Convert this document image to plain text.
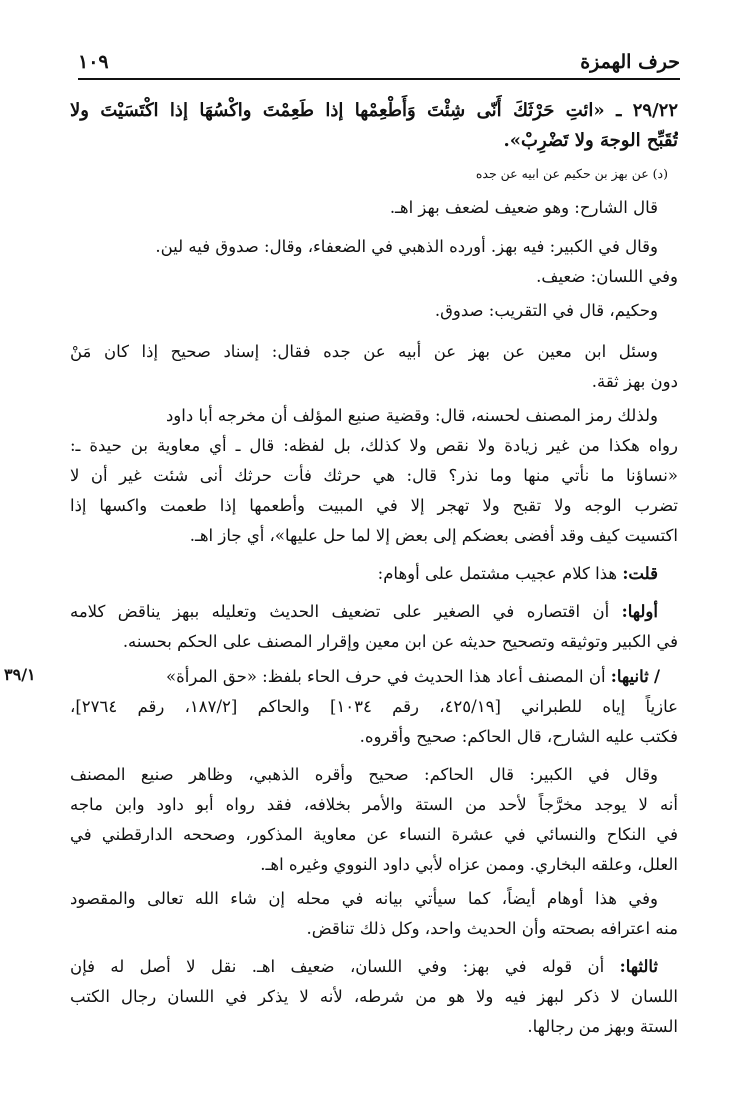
حرف الهمزة
١٠٩
٢٩/٢٢ ـ «ائتِ حَرْثَكَ أَنّى شِئْتَ وَأَطْعِمْها إذا طَعِمْتَ واكْسُهَا إذا اكْتَسَيْتَ ولا
تُقَبِّح الوجهَ ولا تَضْرِبْ».
(د) عن بهز بن حكيم عن ابيه عن جده
قال الشارح: وهو ضعيف لضعف بهز اهـ.
وقال في الكبير: فيه بهز. أورده الذهبي في الضعفاء، وقال: صدوق فيه لين.
وفي اللسان: ضعيف.
وحكيم، قال في التقريب: صدوق.
وسئل ابن معين عن بهز عن أبيه عن جده فقال: إسناد صحيح إذا كان مَنْ
دون بهز ثقة.
ولذلك رمز المصنف لحسنه، قال: وقضية صنيع المؤلف أن مخرجه أبا داود
رواه هكذا من غير زيادة ولا نقص ولا كذلك، بل لفظه: قال ـ أي معاوية بن حيدة ـ:
«نساؤنا ما نأتي منها وما نذر؟ قال: هي حرثك فأت حرثك أنى شئت غير أن لا
تضرب الوجه ولا تقبح ولا تهجر إلا في المبيت وأطعمها إذا طعمت واكسها إذا
اكتسيت كيف وقد أفضى بعضكم إلى بعض إلا لما حل عليها»، أي جاز اهـ.
قلت: هذا كلام عجيب مشتمل على أوهام:
أولها: أن اقتصاره في الصغير على تضعيف الحديث وتعليله ببهز يناقض كلامه
في الكبير وتوثيقه وتصحيح حديثه عن ابن معين وإقرار المصنف على الحكم بحسنه.
/ ثانيها: أن المصنف أعاد هذا الحديث في حرف الحاء بلفظ: «حق المرأة»
٣٩/١
عازياً إياه للطبراني [٤٢٥/١٩، رقم ١٠٣٤] والحاكم [١٨٧/٢، رقم ٢٧٦٤]،
فكتب عليه الشارح، قال الحاكم: صحيح وأقروه.
وقال في الكبير: قال الحاكم: صحيح وأقره الذهبي، وظاهر صنيع المصنف
أنه لا يوجد مخرَّجاً لأحد من الستة والأمر بخلافه، فقد رواه أبو داود وابن ماجه
في النكاح والنسائي في عشرة النساء عن معاوية المذكور، وصححه الدارقطني في
العلل، وعلقه البخاري. وممن عزاه لأبي داود النووي وغيره اهـ.
وفي هذا أوهام أيضاً، كما سيأتي بيانه في محله إن شاء الله تعالى والمقصود
منه اعترافه بصحته وأن الحديث واحد، وكل ذلك تناقض.
ثالثها: أن قوله في بهز: وفي اللسان، ضعيف اهـ. نقل لا أصل له فإن
اللسان لا ذكر لبهز فيه ولا هو من شرطه، لأنه لا يذكر في اللسان رجال الكتب
الستة وبهز من رجالها.
